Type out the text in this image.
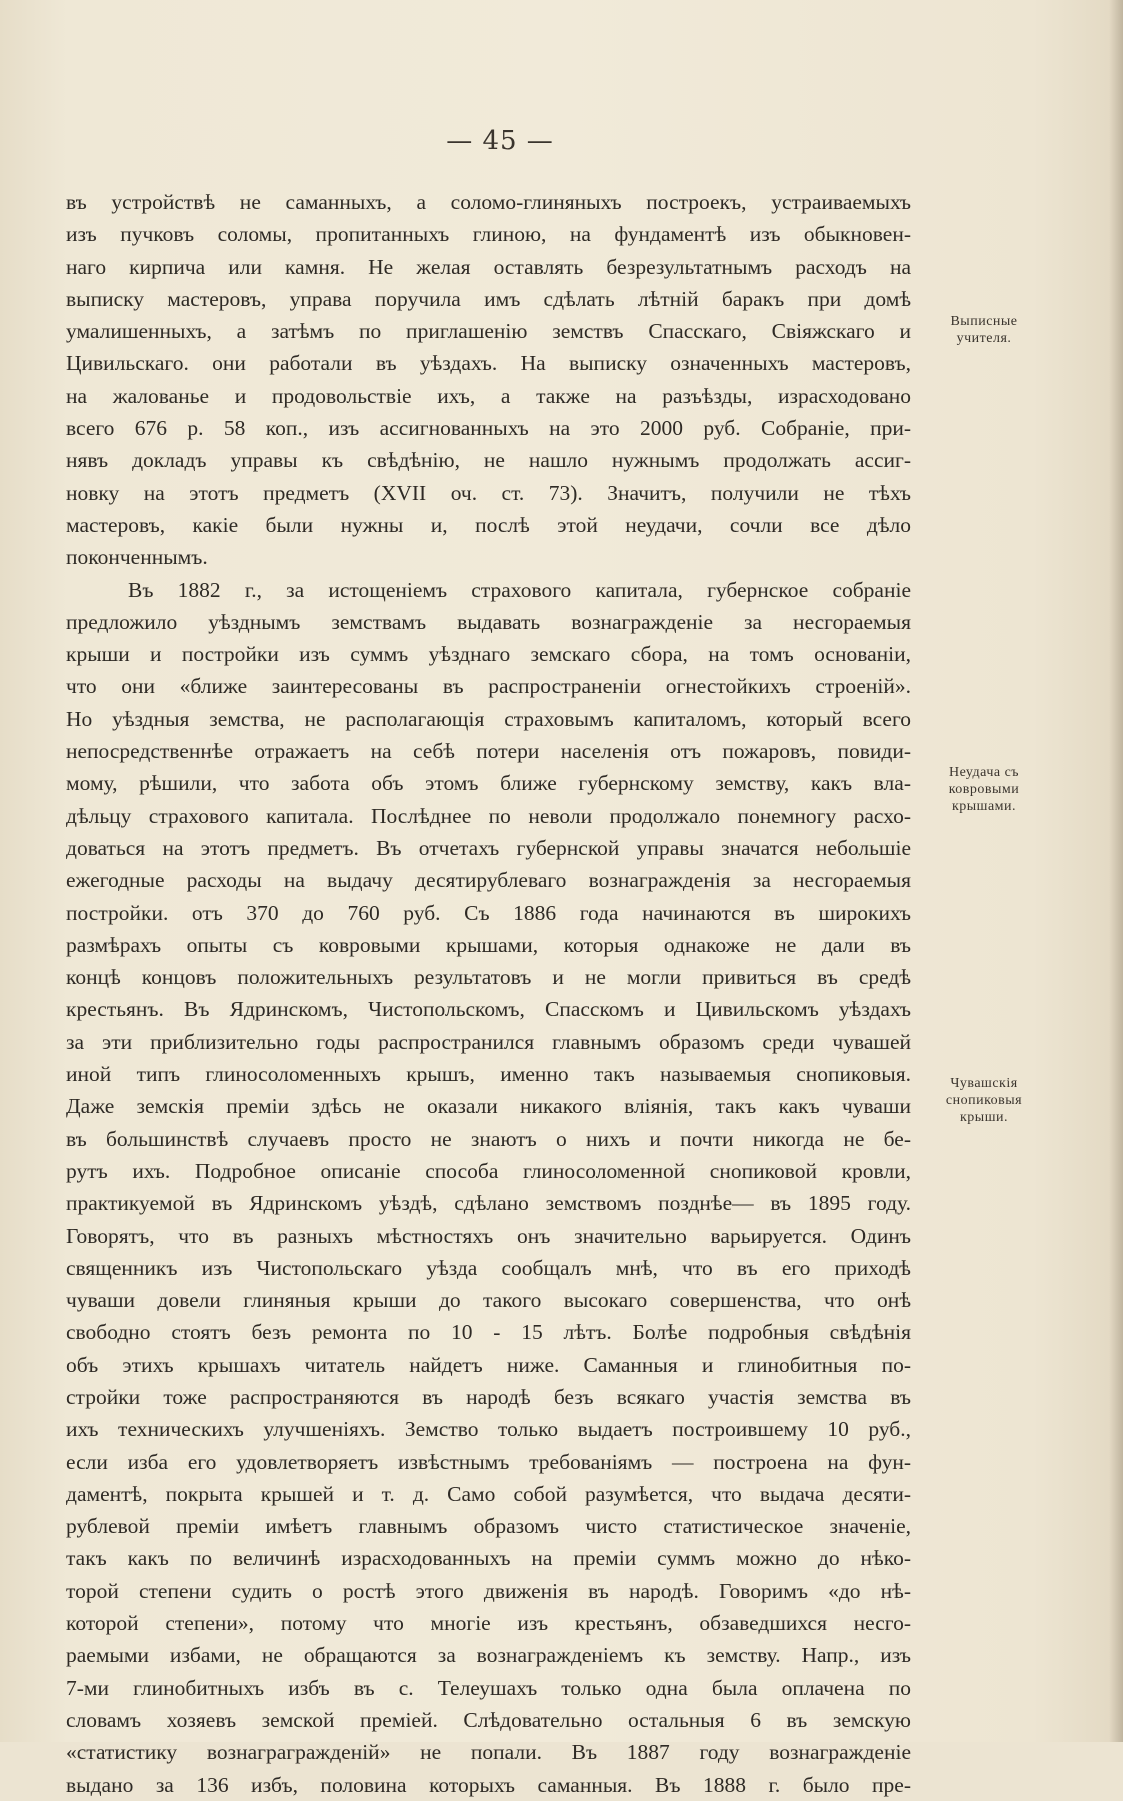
— 45 —
въ устройствѣ не саманныхъ, а соломо-глиняныхъ построекъ, устраиваемыхъ
изъ пучковъ соломы, пропитанныхъ глиною, на фундаментѣ изъ обыкновен-
наго кирпича или камня. Не желая оставлять безрезультатнымъ расходъ на
выписку мастеровъ, управа поручила имъ сдѣлать лѣтній баракъ при домѣ
умалишенныхъ, а затѣмъ по приглашенію земствъ Спасскаго, Свіяжскаго и
Цивильскаго. они работали въ уѣздахъ. На выписку означенныхъ мастеровъ,
на жалованье и продовольствіе ихъ, а также на разъѣзды, израсходовано
всего 676 р. 58 коп., изъ ассигнованныхъ на это 2000 руб. Собраніе, при-
нявъ докладъ управы къ свѣдѣнію, не нашло нужнымъ продолжать ассиг-
новку на этотъ предметъ (XVII оч. ст. 73). Значитъ, получили не тѣхъ
мастеровъ, какіе были нужны и, послѣ этой неудачи, сочли все дѣло
поконченнымъ.
Въ 1882 г., за истощеніемъ страхового капитала, губернское собраніе
предложило уѣзднымъ земствамъ выдавать вознагражденіе за несгораемыя
крыши и постройки изъ суммъ уѣзднаго земскаго сбора, на томъ основаніи,
что они «ближе заинтересованы въ распространеніи огнестойкихъ строеній».
Но уѣздныя земства, не располагающія страховымъ капиталомъ, который всего
непосредственнѣе отражаетъ на себѣ потери населенія отъ пожаровъ, повиди-
мому, рѣшили, что забота объ этомъ ближе губернскому земству, какъ вла-
дѣльцу страхового капитала. Послѣднее по неволи продолжало понемногу расхо-
доваться на этотъ предметъ. Въ отчетахъ губернской управы значатся небольшіе
ежегодные расходы на выдачу десятирублеваго вознагражденія за несгораемыя
постройки. отъ 370 до 760 руб. Съ 1886 года начинаются въ широкихъ
размѣрахъ опыты съ ковровыми крышами, которыя однакоже не дали въ
концѣ концовъ положительныхъ результатовъ и не могли привиться въ средѣ
крестьянъ. Въ Ядринскомъ, Чистопольскомъ, Спасскомъ и Цивильскомъ уѣздахъ
за эти приблизительно годы распространился главнымъ образомъ среди чувашей
иной типъ глиносоломенныхъ крышъ, именно такъ называемыя снопиковыя.
Даже земскія преміи здѣсь не оказали никакого вліянія, такъ какъ чуваши
въ большинствѣ случаевъ просто не знаютъ о нихъ и почти никогда не бе-
рутъ ихъ. Подробное описаніе способа глиносоломенной снопиковой кровли,
практикуемой въ Ядринскомъ уѣздѣ, сдѣлано земствомъ позднѣе— въ 1895 году.
Говорятъ, что въ разныхъ мѣстностяхъ онъ значительно варьируется. Одинъ
священникъ изъ Чистопольскаго уѣзда сообщалъ мнѣ, что въ его приходѣ
чуваши довели глиняныя крыши до такого высокаго совершенства, что онѣ
свободно стоятъ безъ ремонта по 10 - 15 лѣтъ. Болѣе подробныя свѣдѣнія
объ этихъ крышахъ читатель найдетъ ниже. Саманныя и глинобитныя по-
стройки тоже распространяются въ народѣ безъ всякаго участія земства въ
ихъ техническихъ улучшеніяхъ. Земство только выдаетъ построившему 10 руб.,
если изба его удовлетворяетъ извѣстнымъ требованіямъ — построена на фун-
даментѣ, покрыта крышей и т. д. Само собой разумѣется, что выдача десяти-
рублевой преміи имѣетъ главнымъ образомъ чисто статистическое значеніе,
такъ какъ по величинѣ израсходованныхъ на преміи суммъ можно до нѣко-
торой степени судить о ростѣ этого движенія въ народѣ. Говоримъ «до нѣ-
которой степени», потому что многіе изъ крестьянъ, обзаведшихся несго-
раемыми избами, не обращаются за вознагражденіемъ къ земству. Напр., изъ
7-ми глинобитныхъ избъ въ с. Телеушахъ только одна была оплачена по
словамъ хозяевъ земской преміей. Слѣдовательно остальныя 6 въ земскую
«статистику вознаграгражденій» не попали. Въ 1887 году вознагражденіе
выдано за 136 избъ, половина которыхъ саманныя. Въ 1888 г. было пре-
Выписные учителя.
Неудача съ ковровыми крышами.
Чувашскія снопиковыя крыши.
